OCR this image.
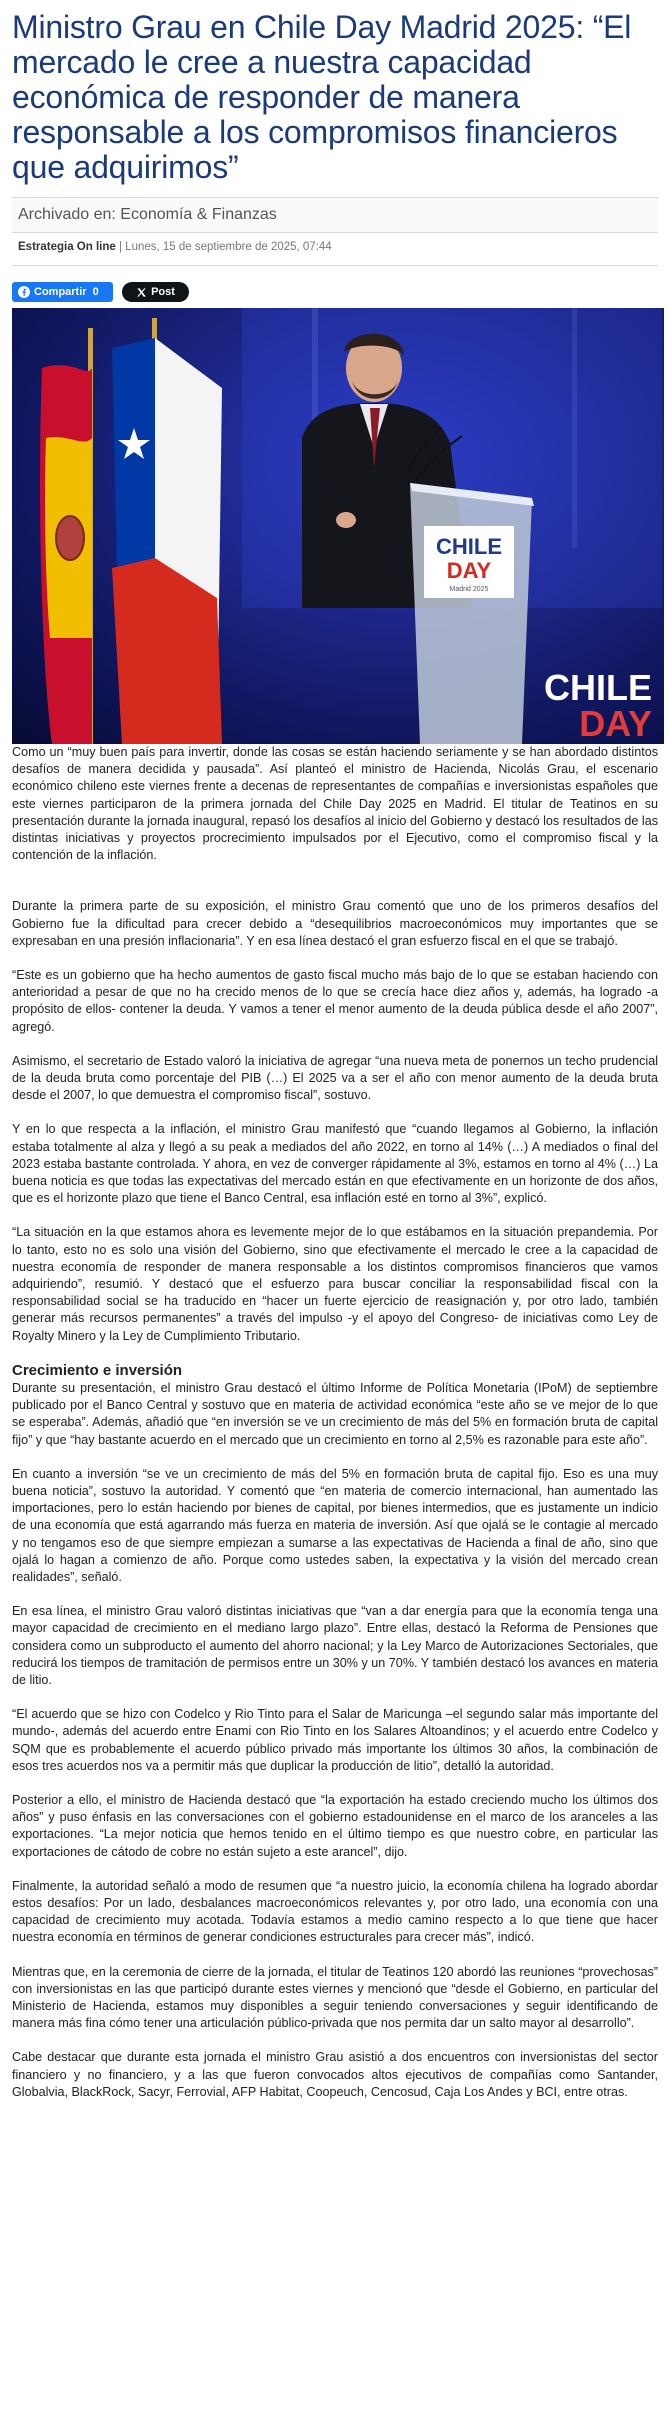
Ministro Grau en Chile Day Madrid 2025: “El mercado le cree a nuestra capacidad económica de responder de manera responsable a los compromisos financieros que adquirimos”
Archivado en: Economía & Finanzas
Estrategia On line | Lunes, 15 de septiembre de 2025, 07:44
Compartir 0	Post
CHILE
DAY
Madrid 2025
CHILE
DAY

Como un “muy buen país para invertir, donde las cosas se están haciendo seriamente y se han abordado distintos desafíos de manera decidida y pausada”. Así planteó el ministro de Hacienda, Nicolás Grau, el escenario económico chileno este viernes frente a decenas de representantes de compañías e inversionistas españoles que este viernes participaron de la primera jornada del Chile Day 2025 en Madrid. El titular de Teatinos en su presentación durante la jornada inaugural, repasó los desafíos al inicio del Gobierno y destacó los resultados de las distintas iniciativas y proyectos procrecimiento impulsados por el Ejecutivo, como el compromiso fiscal y la contención de la inflación.

Durante la primera parte de su exposición, el ministro Grau comentó que uno de los primeros desafíos del Gobierno fue la dificultad para crecer debido a “desequilibrios macroeconómicos muy importantes que se expresaban en una presión inflacionaria”. Y en esa línea destacó el gran esfuerzo fiscal en el que se trabajó.

“Este es un gobierno que ha hecho aumentos de gasto fiscal mucho más bajo de lo que se estaban haciendo con anterioridad a pesar de que no ha crecido menos de lo que se crecía hace diez años y, además, ha logrado -a propósito de ellos- contener la deuda. Y vamos a tener el menor aumento de la deuda pública desde el año 2007”, agregó.

Asimismo, el secretario de Estado valoró la iniciativa de agregar “una nueva meta de ponernos un techo prudencial de la deuda bruta como porcentaje del PIB (…) El 2025 va a ser el año con menor aumento de la deuda bruta desde el 2007, lo que demuestra el compromiso fiscal”, sostuvo.

Y en lo que respecta a la inflación, el ministro Grau manifestó que “cuando llegamos al Gobierno, la inflación estaba totalmente al alza y llegó a su peak a mediados del año 2022, en torno al 14% (…) A mediados o final del 2023 estaba bastante controlada. Y ahora, en vez de converger rápidamente al 3%, estamos en torno al 4% (…) La buena noticia es que todas las expectativas del mercado están en que efectivamente en un horizonte de dos años, que es el horizonte plazo que tiene el Banco Central, esa inflación esté en torno al 3%”, explicó.

“La situación en la que estamos ahora es levemente mejor de lo que estábamos en la situación prepandemia. Por lo tanto, esto no es solo una visión del Gobierno, sino que efectivamente el mercado le cree a la capacidad de nuestra economía de responder de manera responsable a los distintos compromisos financieros que vamos adquiriendo”, resumió. Y destacó que el esfuerzo para buscar conciliar la responsabilidad fiscal con la responsabilidad social se ha traducido en “hacer un fuerte ejercicio de reasignación y, por otro lado, también generar más recursos permanentes” a través del impulso -y el apoyo del Congreso- de iniciativas como Ley de Royalty Minero y la Ley de Cumplimiento Tributario.

Crecimiento e inversión

Durante su presentación, el ministro Grau destacó el último Informe de Política Monetaria (IPoM) de septiembre publicado por el Banco Central y sostuvo que en materia de actividad económica “este año se ve mejor de lo que se esperaba”. Además, añadió que “en inversión se ve un crecimiento de más del 5% en formación bruta de capital fijo” y que “hay bastante acuerdo en el mercado que un crecimiento en torno al 2,5% es razonable para este año”.

En cuanto a inversión “se ve un crecimiento de más del 5% en formación bruta de capital fijo. Eso es una muy buena noticia”, sostuvo la autoridad. Y comentó que “en materia de comercio internacional, han aumentado las importaciones, pero lo están haciendo por bienes de capital, por bienes intermedios, que es justamente un indicio de una economía que está agarrando más fuerza en materia de inversión. Así que ojalá se le contagie al mercado y no tengamos eso de que siempre empiezan a sumarse a las expectativas de Hacienda a final de año, sino que ojalá lo hagan a comienzo de año. Porque como ustedes saben, la expectativa y la visión del mercado crean realidades”, señaló.

En esa línea, el ministro Grau valoró distintas iniciativas que “van a dar energía para que la economía tenga una mayor capacidad de crecimiento en el mediano largo plazo”. Entre ellas, destacó la Reforma de Pensiones que considera como un subproducto el aumento del ahorro nacional; y la Ley Marco de Autorizaciones Sectoriales, que reducirá los tiempos de tramitación de permisos entre un 30% y un 70%. Y también destacó los avances en materia de litio.

“El acuerdo que se hizo con Codelco y Rio Tinto para el Salar de Maricunga –el segundo salar más importante del mundo-, además del acuerdo entre Enami con Rio Tinto en los Salares Altoandinos; y el acuerdo entre Codelco y SQM que es probablemente el acuerdo público privado más importante los últimos 30 años, la combinación de esos tres acuerdos nos va a permitir más que duplicar la producción de litio”, detalló la autoridad.

Posterior a ello, el ministro de Hacienda destacó que “la exportación ha estado creciendo mucho los últimos dos años” y puso énfasis en las conversaciones con el gobierno estadounidense en el marco de los aranceles a las exportaciones. “La mejor noticia que hemos tenido en el último tiempo es que nuestro cobre, en particular las exportaciones de cátodo de cobre no están sujeto a este arancel”, dijo.

Finalmente, la autoridad señaló a modo de resumen que “a nuestro juicio, la economía chilena ha logrado abordar estos desafíos: Por un lado, desbalances macroeconómicos relevantes y, por otro lado, una economía con una capacidad de crecimiento muy acotada. Todavía estamos a medio camino respecto a lo que tiene que hacer nuestra economía en términos de generar condiciones estructurales para crecer más”, indicó.

Mientras que, en la ceremonia de cierre de la jornada, el titular de Teatinos 120 abordó las reuniones “provechosas” con inversionistas en las que participó durante estes viernes y mencionó que “desde el Gobierno, en particular del Ministerio de Hacienda, estamos muy disponibles a seguir teniendo conversaciones y seguir identificando de manera más fina cómo tener una articulación público-privada que nos permita dar un salto mayor al desarrollo”.

Cabe destacar que durante esta jornada el ministro Grau asistió a dos encuentros con inversionistas del sector financiero y no financiero, y a las que fueron convocados altos ejecutivos de compañías como Santander, Globalvia, BlackRock, Sacyr, Ferrovial, AFP Habitat, Coopeuch, Cencosud, Caja Los Andes y BCI, entre otras.
